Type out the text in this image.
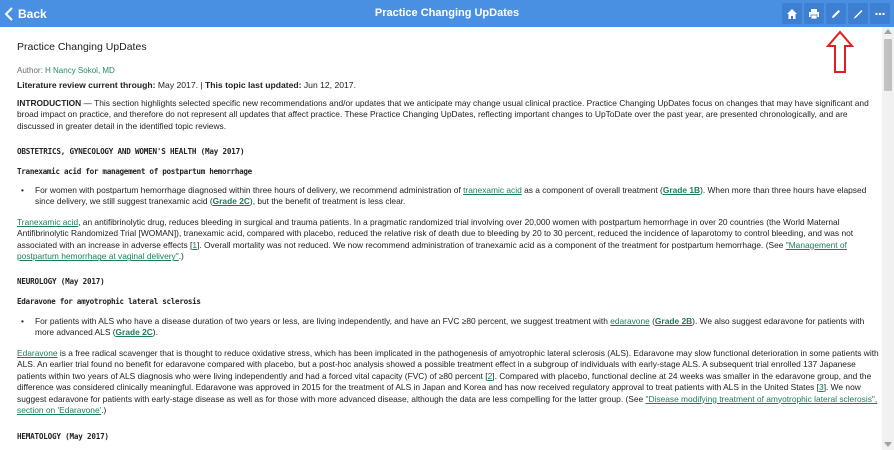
Back	Practice Changing UpDates
Practice Changing UpDates
Author: H Nancy Sokol, MD
Literature review current through: May 2017. | This topic last updated: Jun 12, 2017.

INTRODUCTION — This section highlights selected specific new recommendations and/or updates that we anticipate may change usual clinical practice. Practice Changing UpDates focus on changes that may have significant and broad impact on practice, and therefore do not represent all updates that affect practice. These Practice Changing UpDates, reflecting important changes to UpToDate over the past year, are presented chronologically, and are discussed in greater detail in the identified topic reviews.

OBSTETRICS, GYNECOLOGY AND WOMEN'S HEALTH (May 2017)
Tranexamic acid for management of postpartum hemorrhage

• For women with postpartum hemorrhage diagnosed within three hours of delivery, we recommend administration of tranexamic acid as a component of overall treatment (Grade 1B). When more than three hours have elapsed since delivery, we still suggest tranexamic acid (Grade 2C), but the benefit of treatment is less clear.

Tranexamic acid, an antifibrinolytic drug, reduces bleeding in surgical and trauma patients. In a pragmatic randomized trial involving over 20,000 women with postpartum hemorrhage in over 20 countries (the World Maternal Antifibrinolytic Randomized Trial [WOMAN]), tranexamic acid, compared with placebo, reduced the relative risk of death due to bleeding by 20 to 30 percent, reduced the incidence of laparotomy to control bleeding, and was not associated with an increase in adverse effects [1]. Overall mortality was not reduced. We now recommend administration of tranexamic acid as a component of the treatment for postpartum hemorrhage. (See "Management of postpartum hemorrhage at vaginal delivery".)

NEUROLOGY (May 2017)
Edaravone for amyotrophic lateral sclerosis

• For patients with ALS who have a disease duration of two years or less, are living independently, and have an FVC ≥80 percent, we suggest treatment with edaravone (Grade 2B). We also suggest edaravone for patients with more advanced ALS (Grade 2C).

Edaravone is a free radical scavenger that is thought to reduce oxidative stress, which has been implicated in the pathogenesis of amyotrophic lateral sclerosis (ALS). Edaravone may slow functional deterioration in some patients with ALS. An earlier trial found no benefit for edaravone compared with placebo, but a post-hoc analysis showed a possible treatment effect in a subgroup of individuals with early-stage ALS. A subsequent trial enrolled 137 Japanese patients within two years of ALS diagnosis who were living independently and had a forced vital capacity (FVC) of ≥80 percent [2]. Compared with placebo, functional decline at 24 weeks was smaller in the edaravone group, and the difference was considered clinically meaningful. Edaravone was approved in 2015 for the treatment of ALS in Japan and Korea and has now received regulatory approval to treat patients with ALS in the United States [3]. We now suggest edaravone for patients with early-stage disease as well as for those with more advanced disease, although the data are less compelling for the latter group. (See "Disease modifying treatment of amyotrophic lateral sclerosis", section on 'Edaravone'.)

HEMATOLOGY (May 2017)
